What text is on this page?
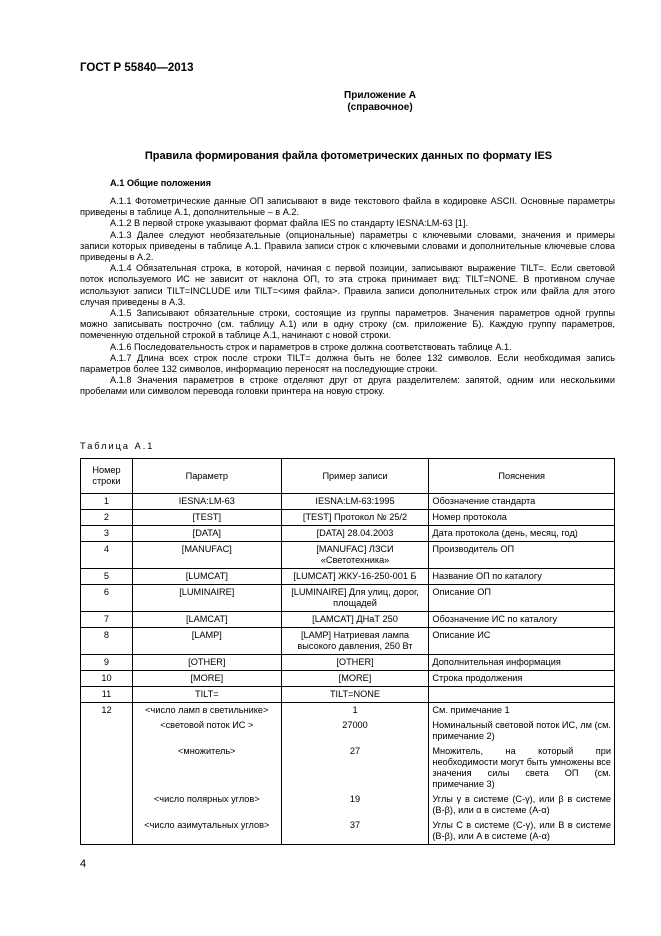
ГОСТ Р 55840—2013
Приложение А
(справочное)
Правила формирования файла фотометрических данных по формату IES
А.1 Общие положения

А.1.1 Фотометрические данные ОП записывают в виде текстового файла в кодировке ASCII. Основные параметры приведены в таблице А.1, дополнительные – в А.2.

А.1.2 В первой строке указывают формат файла IES по стандарту IESNA:LM-63 [1].

А.1.3 Далее следуют необязательные (опциональные) параметры с ключевыми словами, значения и примеры записи которых приведены в таблице А.1. Правила записи строк с ключевыми словами и дополнительные ключевые слова приведены в А.2.

А.1.4 Обязательная строка, в которой, начиная с первой позиции, записывают выражение TILT=. Если световой поток используемого ИС не зависит от наклона ОП, то эта строка принимает вид: TILT=NONE. В противном случае используют записи TILT=INCLUDE или TILT=<имя файла>. Правила записи дополнительных строк или файла для этого случая приведены в А.3.

А.1.5 Записывают обязательные строки, состоящие из группы параметров. Значения параметров одной группы можно записывать построчно (см. таблицу А.1) или в одну строку (см. приложение Б). Каждую группу параметров, помеченную отдельной строкой в таблице А.1, начинают с новой строки.

А.1.6 Последовательность строк и параметров в строке должна соответствовать таблице А.1.

А.1.7 Длина всех строк после строки TILT= должна быть не более 132 символов. Если необходимая запись параметров более 132 символов, информацию переносят на последующие строки.

А.1.8 Значения параметров в строке отделяют друг от друга разделителем: запятой, одним или несколькими пробелами или символом перевода головки принтера на новую строку.

Таблица А.1
Номер строки	Параметр	Пример записи	Пояснения
1	IESNA:LM-63	IESNA:LM-63:1995	Обозначение стандарта
2	[TEST]	[TEST] Протокол № 25/2	Номер протокола
3	[DATA]	[DATA] 28.04.2003	Дата протокола (день, месяц, год)
4	[MANUFAC]	[MANUFAC] ЛЗСИ «Светотехника»	Производитель ОП
5	[LUMCAT]	[LUMCAT] ЖКУ-16-250-001 Б	Название ОП по каталогу
6	[LUMINAIRE]	[LUMINAIRE] Для улиц, дорог, площадей	Описание ОП
7	[LAMCAT]	[LAMCAT] ДНаТ 250	Обозначение ИС по каталогу
8	[LAMP]	[LAMP] Натриевая лампа высокого давления, 250 Вт	Описание ИС
9	[OTHER]	[OTHER]	Дополнительная информация
10	[MORE]	[MORE]	Строка продолжения
11	TILT=	TILT=NONE	
12	<число ламп в светильнике>	1	См. примечание 1
	<световой поток ИС >	27000	Номинальный световой поток ИС, лм (см. примечание 2)
	<множитель>	27	Множитель, на который при необходимости могут быть умножены все значения силы света ОП (см. примечание 3)
	<число полярных углов>	19	Углы γ в системе (C-γ), или β в системе (B-β), или α в системе (A-α)
	<число азимутальных углов>	37	Углы C в системе (C-γ), или B в системе (B-β), или A в системе (A-α)
4
